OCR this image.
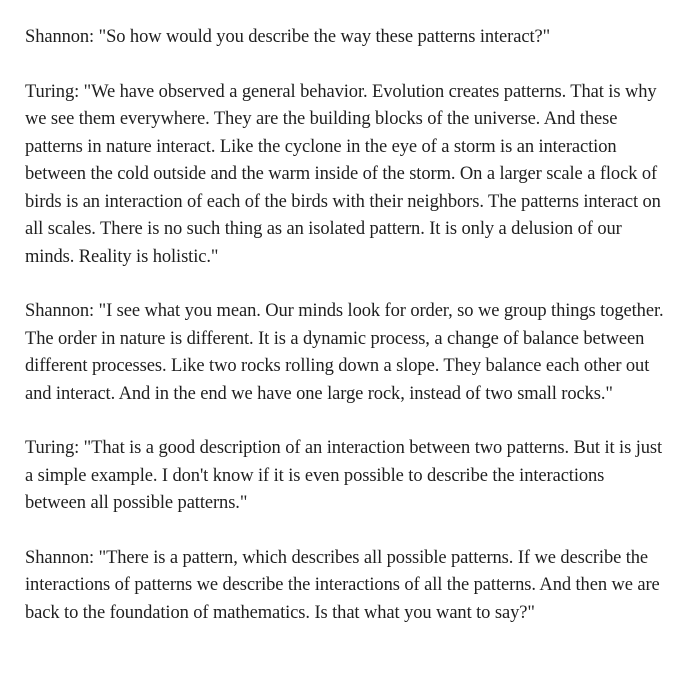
Shannon: "So how would you describe the way these patterns interact?"

Turing: "We have observed a general behavior. Evolution creates patterns. That is why we see them everywhere. They are the building blocks of the universe. And these patterns in nature interact. Like the cyclone in the eye of a storm is an interaction between the cold outside and the warm inside of the storm. On a larger scale a flock of birds is an interaction of each of the birds with their neighbors. The patterns interact on all scales. There is no such thing as an isolated pattern. It is only a delusion of our minds. Reality is holistic."

Shannon: "I see what you mean. Our minds look for order, so we group things together. The order in nature is different. It is a dynamic process, a change of balance between different processes. Like two rocks rolling down a slope. They balance each other out and interact. And in the end we have one large rock, instead of two small rocks."

Turing: "That is a good description of an interaction between two patterns. But it is just a simple example. I don't know if it is even possible to describe the interactions between all possible patterns."

Shannon: "There is a pattern, which describes all possible patterns. If we describe the interactions of patterns we describe the interactions of all the patterns. And then we are back to the foundation of mathematics. Is that what you want to say?"
